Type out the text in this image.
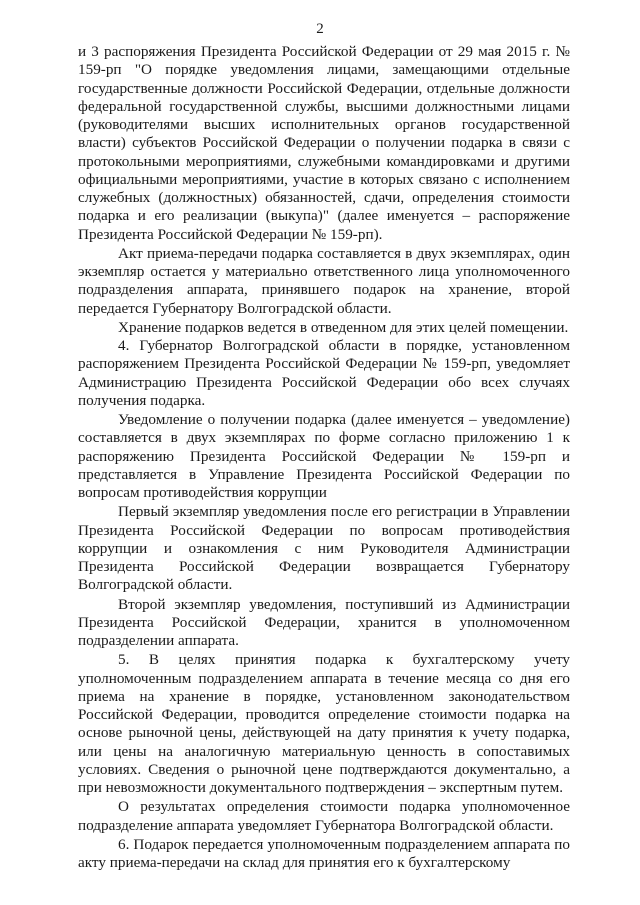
2

и 3 распоряжения Президента Российской Федерации от 29 мая 2015 г. № 159-рп "О порядке уведомления лицами, замещающими отдельные государственные должности Российской Федерации, отдельные должности федеральной государственной службы, высшими должностными лицами (руководителями высших исполнительных органов государственной власти) субъектов Российской Федерации о получении подарка в связи с протокольными мероприятиями, служебными командировками и другими официальными мероприятиями, участие в которых связано с исполнением служебных (должностных) обязанностей, сдачи, определения стоимости подарка и его реализации (выкупа)" (далее именуется – распоряжение Президента Российской Федерации № 159-рп).

Акт приема-передачи подарка составляется в двух экземплярах, один экземпляр остается у материально ответственного лица уполномоченного подразделения аппарата, принявшего подарок на хранение, второй передается Губернатору Волгоградской области.

Хранение подарков ведется в отведенном для этих целей помещении.

4. Губернатор Волгоградской области в порядке, установленном распоряжением Президента Российской Федерации № 159-рп, уведомляет Администрацию Президента Российской Федерации обо всех случаях получения подарка.

Уведомление о получении подарка (далее именуется – уведомление) составляется в двух экземплярах по форме согласно приложению 1 к распоряжению Президента Российской Федерации № 159-рп и представляется в Управление Президента Российской Федерации по вопросам противодействия коррупции

Первый экземпляр уведомления после его регистрации в Управлении Президента Российской Федерации по вопросам противодействия коррупции и ознакомления с ним Руководителя Администрации Президента Российской Федерации возвращается Губернатору Волгоградской области.

Второй экземпляр уведомления, поступивший из Администрации Президента Российской Федерации, хранится в уполномоченном подразделении аппарата.

5. В целях принятия подарка к бухгалтерскому учету уполномоченным подразделением аппарата в течение месяца со дня его приема на хранение в порядке, установленном законодательством Российской Федерации, проводится определение стоимости подарка на основе рыночной цены, действующей на дату принятия к учету подарка, или цены на аналогичную материальную ценность в сопоставимых условиях. Сведения о рыночной цене подтверждаются документально, а при невозможности документального подтверждения – экспертным путем.

О результатах определения стоимости подарка уполномоченное подразделение аппарата уведомляет Губернатора Волгоградской области.

6. Подарок передается уполномоченным подразделением аппарата по акту приема-передачи на склад для принятия его к бухгалтерскому
